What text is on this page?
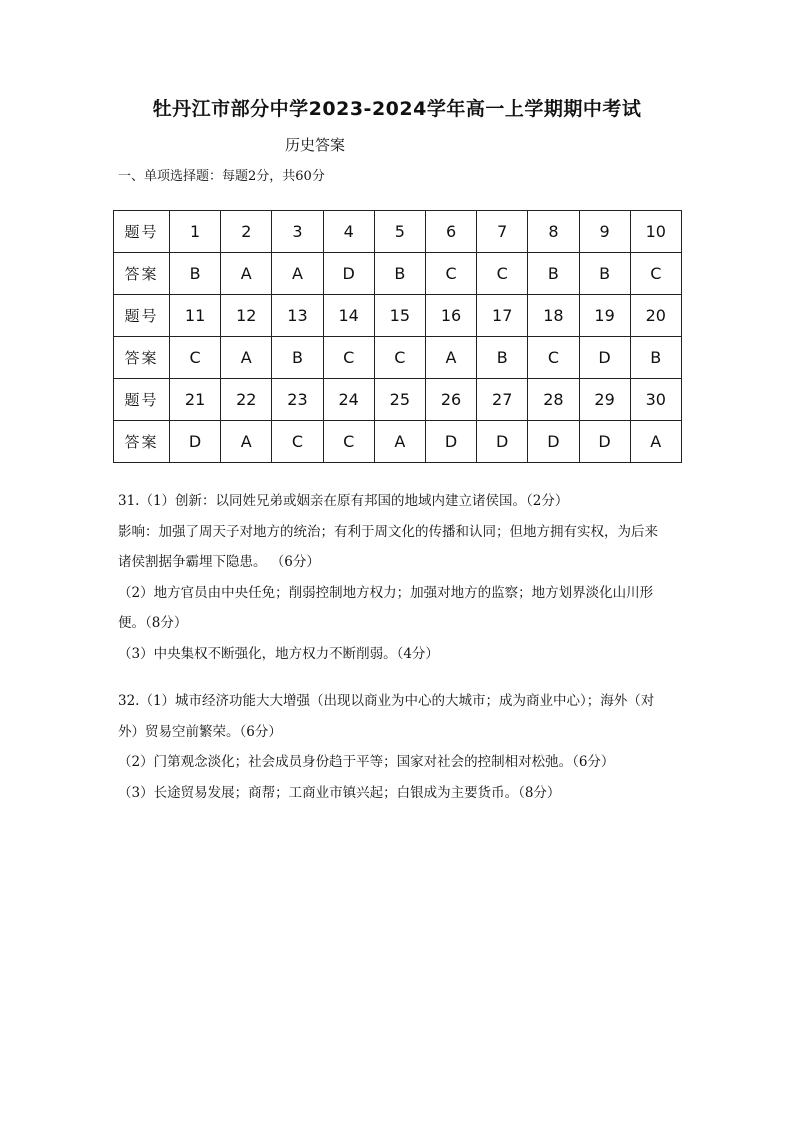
牡丹江市部分中学2023-2024学年高一上学期期中考试
历史答案
一、单项选择题：每题2分，共60分
题号	1	2	3	4	5	6	7	8	9	10
答案	B	A	A	D	B	C	C	B	B	C
题号	11	12	13	14	15	16	17	18	19	20
答案	C	A	B	C	C	A	B	C	D	B
题号	21	22	23	24	25	26	27	28	29	30
答案	D	A	C	C	A	D	D	D	D	A

31.（1）创新：以同姓兄弟或姻亲在原有邦国的地域内建立诸侯国。（2分）

影响：加强了周天子对地方的统治；有利于周文化的传播和认同；但地方拥有实权，为后来

诸侯割据争霸埋下隐患。 （6分）

（2）地方官员由中央任免；削弱控制地方权力；加强对地方的监察；地方划界淡化山川形

便。（8分）

（3）中央集权不断强化，地方权力不断削弱。（4分）

32.（1）城市经济功能大大增强（出现以商业为中心的大城市；成为商业中心）；海外（对

外）贸易空前繁荣。（6分）

（2）门第观念淡化；社会成员身份趋于平等；国家对社会的控制相对松弛。（6分）

（3）长途贸易发展；商帮；工商业市镇兴起；白银成为主要货币。（8分）
